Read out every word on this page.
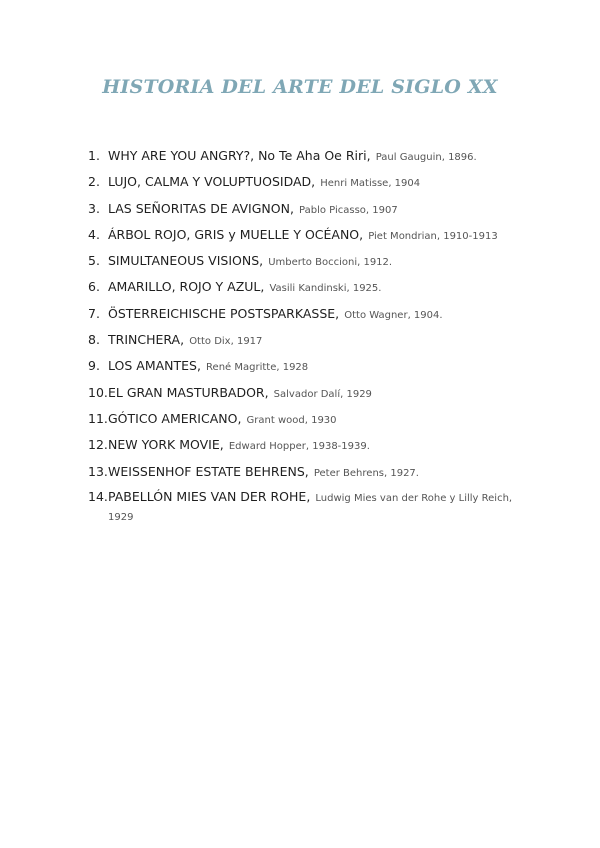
HISTORIA DEL ARTE DEL SIGLO XX
1. WHY ARE YOU ANGRY?, No Te Aha Oe Riri, Paul Gauguin, 1896.
2. LUJO, CALMA Y VOLUPTUOSIDAD, Henri Matisse, 1904
3. LAS SEÑORITAS DE AVIGNON, Pablo Picasso, 1907
4. ÁRBOL ROJO, GRIS y MUELLE Y OCÉANO, Piet Mondrian, 1910-1913
5. SIMULTANEOUS VISIONS, Umberto Boccioni, 1912.
6. AMARILLO, ROJO Y AZUL, Vasili Kandinski, 1925.
7. ÖSTERREICHISCHE POSTSPARKASSE, Otto Wagner, 1904.
8. TRINCHERA, Otto Dix, 1917
9. LOS AMANTES, René Magritte, 1928
10. EL GRAN MASTURBADOR, Salvador Dalí, 1929
11. GÓTICO AMERICANO, Grant wood, 1930
12. NEW YORK MOVIE, Edward Hopper, 1938-1939.
13. WEISSENHOF ESTATE BEHRENS, Peter Behrens, 1927.
14. PABELLÓN MIES VAN DER ROHE, Ludwig Mies van der Rohe y Lilly Reich, 1929
